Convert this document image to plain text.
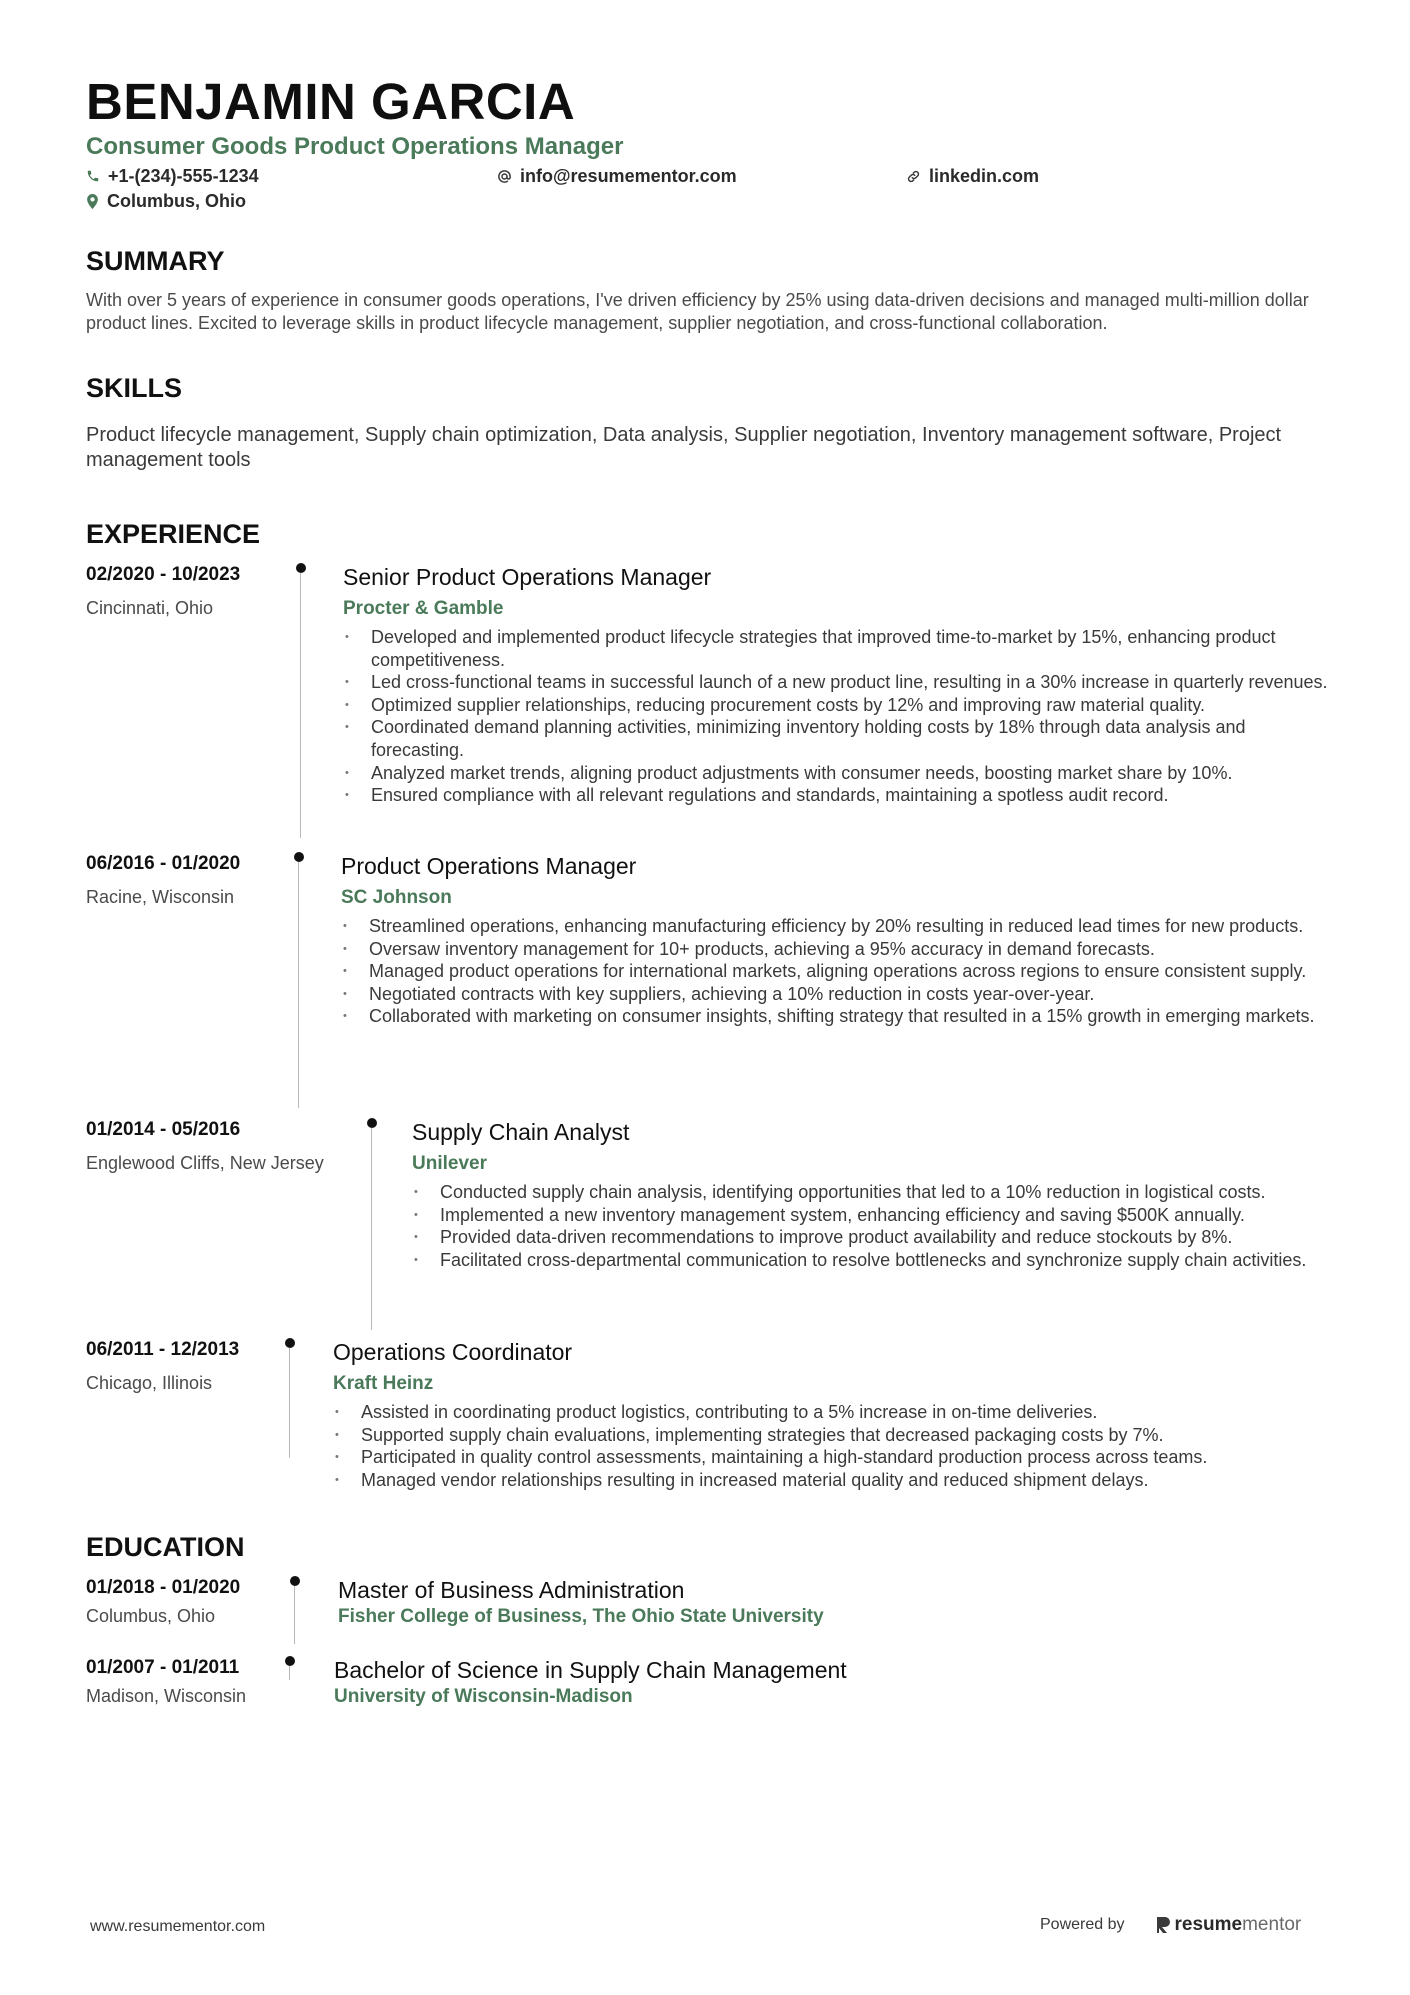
BENJAMIN GARCIA
Consumer Goods Product Operations Manager
+1-(234)-555-1234	info@resumementor.com	linkedin.com
Columbus, Ohio
SUMMARY
With over 5 years of experience in consumer goods operations, I've driven efficiency by 25% using data-driven decisions and managed multi-million dollar product lines. Excited to leverage skills in product lifecycle management, supplier negotiation, and cross-functional collaboration.
SKILLS
Product lifecycle management, Supply chain optimization, Data analysis, Supplier negotiation, Inventory management software, Project management tools
EXPERIENCE
02/2020 - 10/2023
Cincinnati, Ohio
Senior Product Operations Manager
Procter & Gamble
• Developed and implemented product lifecycle strategies that improved time-to-market by 15%, enhancing product competitiveness.
• Led cross-functional teams in successful launch of a new product line, resulting in a 30% increase in quarterly revenues.
• Optimized supplier relationships, reducing procurement costs by 12% and improving raw material quality.
• Coordinated demand planning activities, minimizing inventory holding costs by 18% through data analysis and forecasting.
• Analyzed market trends, aligning product adjustments with consumer needs, boosting market share by 10%.
• Ensured compliance with all relevant regulations and standards, maintaining a spotless audit record.
06/2016 - 01/2020
Racine, Wisconsin
Product Operations Manager
SC Johnson
• Streamlined operations, enhancing manufacturing efficiency by 20% resulting in reduced lead times for new products.
• Oversaw inventory management for 10+ products, achieving a 95% accuracy in demand forecasts.
• Managed product operations for international markets, aligning operations across regions to ensure consistent supply.
• Negotiated contracts with key suppliers, achieving a 10% reduction in costs year-over-year.
• Collaborated with marketing on consumer insights, shifting strategy that resulted in a 15% growth in emerging markets.
01/2014 - 05/2016
Englewood Cliffs, New Jersey
Supply Chain Analyst
Unilever
• Conducted supply chain analysis, identifying opportunities that led to a 10% reduction in logistical costs.
• Implemented a new inventory management system, enhancing efficiency and saving $500K annually.
• Provided data-driven recommendations to improve product availability and reduce stockouts by 8%.
• Facilitated cross-departmental communication to resolve bottlenecks and synchronize supply chain activities.
06/2011 - 12/2013
Chicago, Illinois
Operations Coordinator
Kraft Heinz
• Assisted in coordinating product logistics, contributing to a 5% increase in on-time deliveries.
• Supported supply chain evaluations, implementing strategies that decreased packaging costs by 7%.
• Participated in quality control assessments, maintaining a high-standard production process across teams.
• Managed vendor relationships resulting in increased material quality and reduced shipment delays.
EDUCATION
01/2018 - 01/2020
Columbus, Ohio
Master of Business Administration
Fisher College of Business, The Ohio State University
01/2007 - 01/2011
Madison, Wisconsin
Bachelor of Science in Supply Chain Management
University of Wisconsin-Madison
www.resumementor.com	Powered by	resume mentor
